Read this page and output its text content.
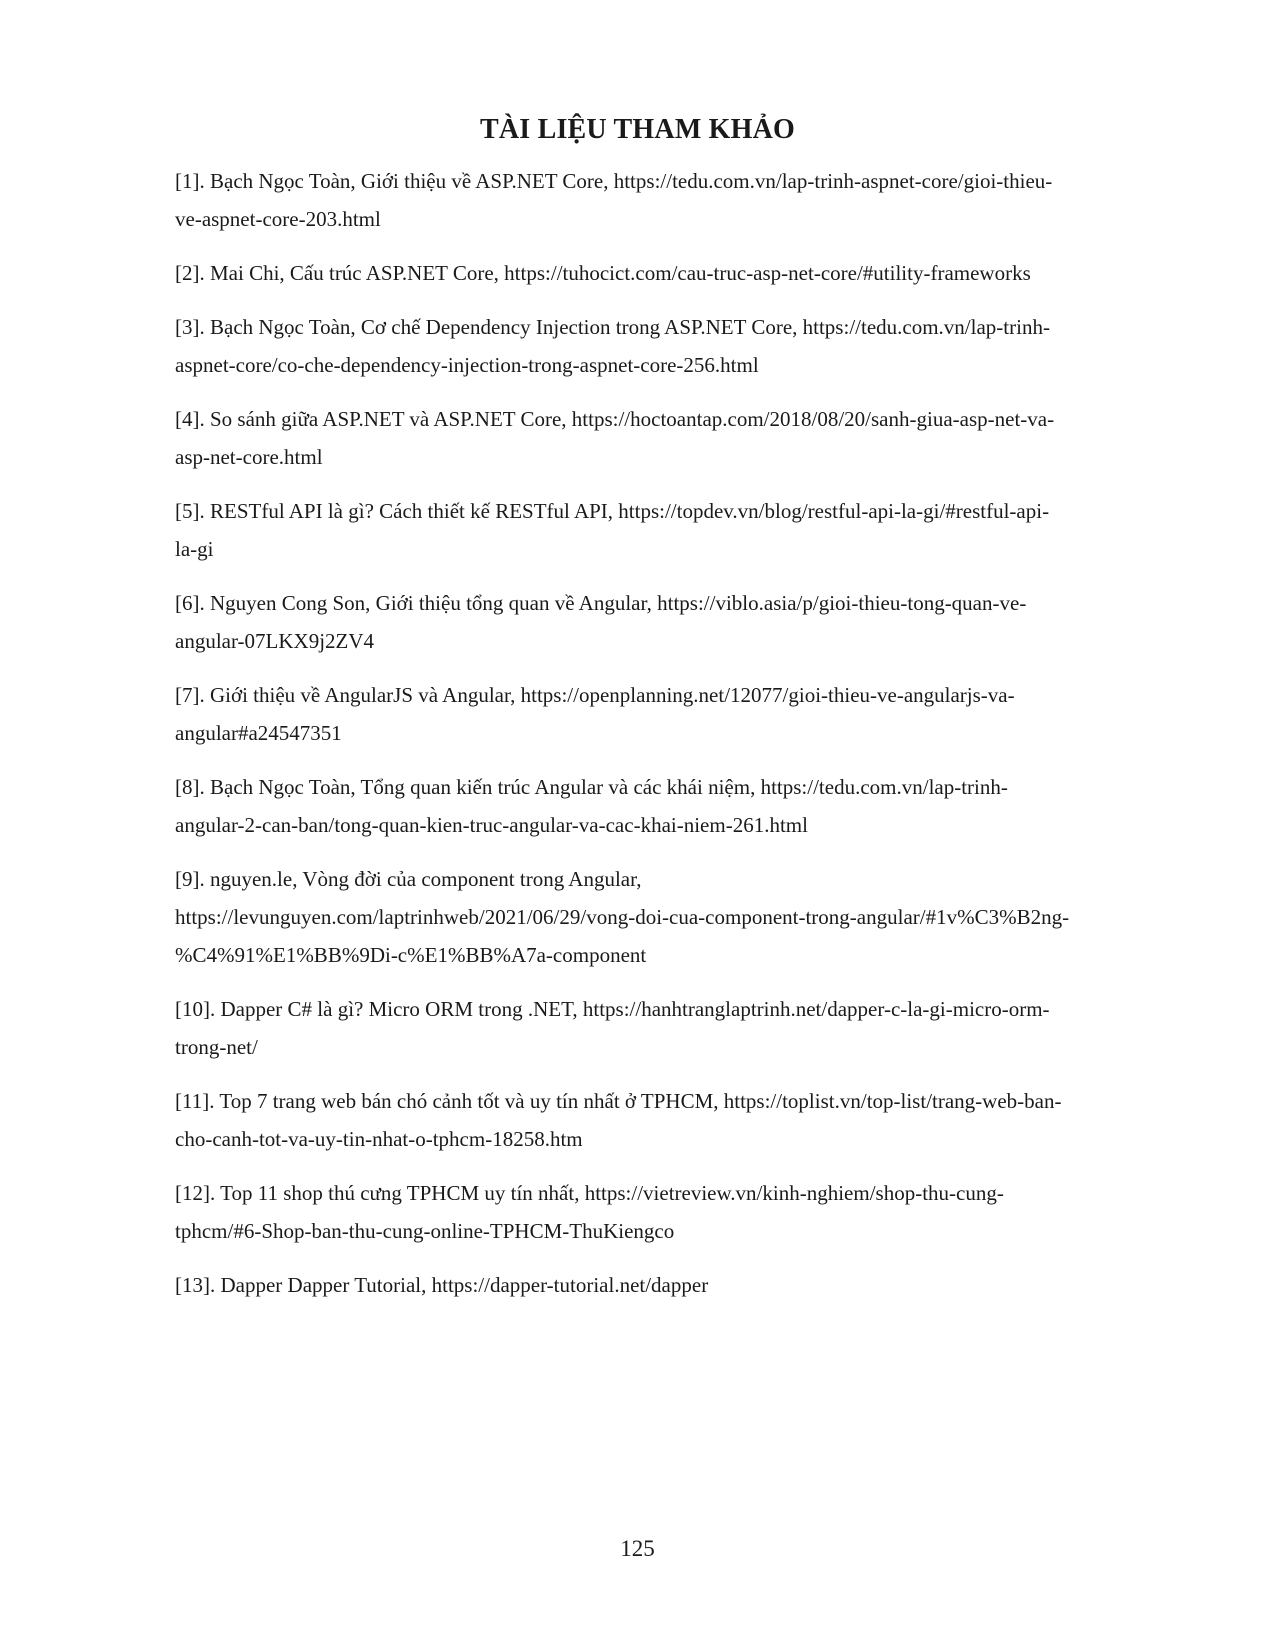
TÀI LIỆU THAM KHẢO
[1]. Bạch Ngọc Toàn, Giới thiệu về ASP.NET Core, https://tedu.com.vn/lap-trinh-aspnet-core/gioi-thieu-
ve-aspnet-core-203.html
[2]. Mai Chi, Cấu trúc ASP.NET Core, https://tuhocict.com/cau-truc-asp-net-core/#utility-frameworks
[3]. Bạch Ngọc Toàn, Cơ chế Dependency Injection trong ASP.NET Core, https://tedu.com.vn/lap-trinh-
aspnet-core/co-che-dependency-injection-trong-aspnet-core-256.html
[4]. So sánh giữa ASP.NET và ASP.NET Core, https://hoctoantap.com/2018/08/20/sanh-giua-asp-net-va-
asp-net-core.html
[5]. RESTful API là gì? Cách thiết kế RESTful API, https://topdev.vn/blog/restful-api-la-gi/#restful-api-
la-gi
[6]. Nguyen Cong Son, Giới thiệu tổng quan về Angular, https://viblo.asia/p/gioi-thieu-tong-quan-ve-
angular-07LKX9j2ZV4
[7]. Giới thiệu về AngularJS và Angular, https://openplanning.net/12077/gioi-thieu-ve-angularjs-va-
angular#a24547351
[8]. Bạch Ngọc Toàn, Tổng quan kiến trúc Angular và các khái niệm, https://tedu.com.vn/lap-trinh-
angular-2-can-ban/tong-quan-kien-truc-angular-va-cac-khai-niem-261.html
[9]. nguyen.le, Vòng đời của component trong Angular,
https://levunguyen.com/laptrinhweb/2021/06/29/vong-doi-cua-component-trong-angular/#1v%C3%B2ng-
%C4%91%E1%BB%9Di-c%E1%BB%A7a-component
[10]. Dapper C# là gì? Micro ORM trong .NET, https://hanhtranglaptrinh.net/dapper-c-la-gi-micro-orm-
trong-net/
[11]. Top 7 trang web bán chó cảnh tốt và uy tín nhất ở TPHCM, https://toplist.vn/top-list/trang-web-ban-
cho-canh-tot-va-uy-tin-nhat-o-tphcm-18258.htm
[12]. Top 11 shop thú cưng TPHCM uy tín nhất, https://vietreview.vn/kinh-nghiem/shop-thu-cung-
tphcm/#6-Shop-ban-thu-cung-online-TPHCM-ThuKiengco
[13]. Dapper Dapper Tutorial, https://dapper-tutorial.net/dapper
125
